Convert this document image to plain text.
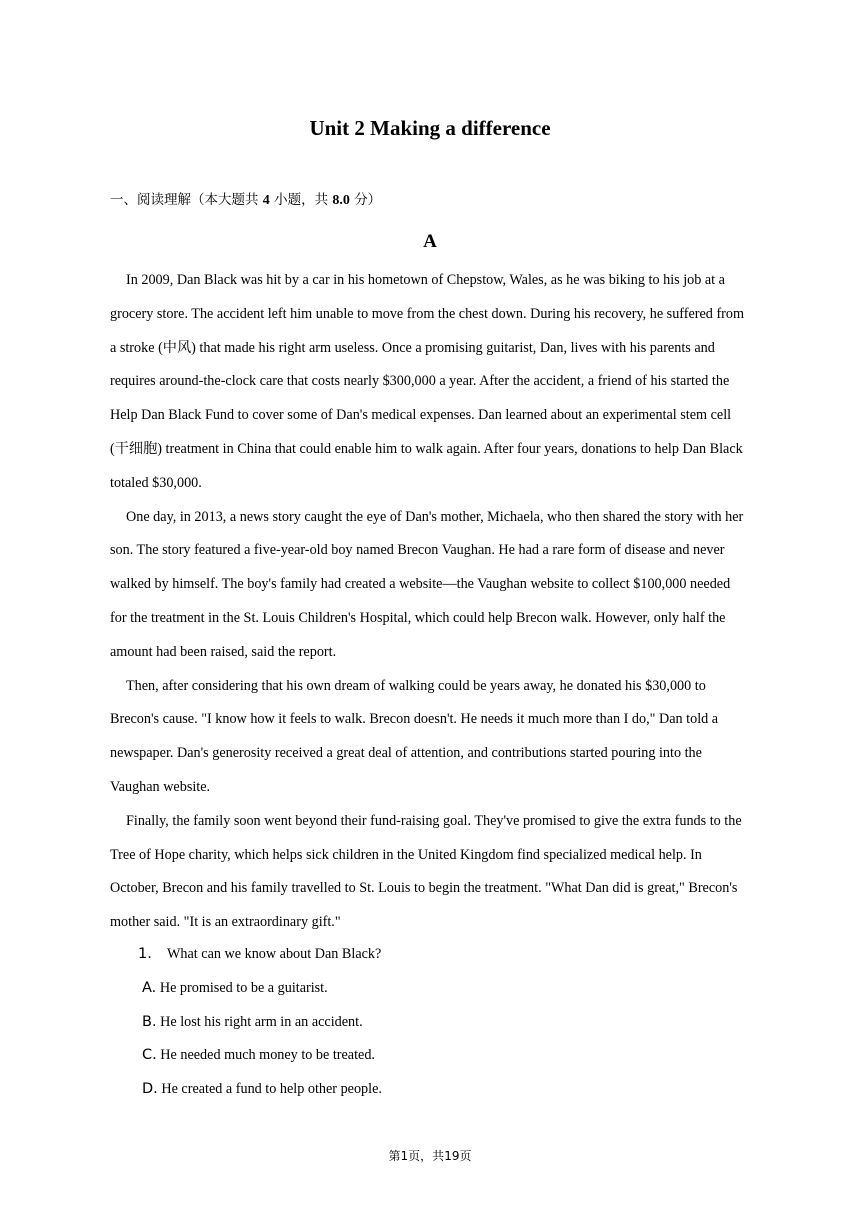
Unit 2 Making a difference
一、阅读理解（本大题共 4 小题，共 8.0 分）
A

In 2009, Dan Black was hit by a car in his hometown of Chepstow, Wales, as he was biking to his job at a grocery store. The accident left him unable to move from the chest down. During his recovery, he suffered from a stroke (中风) that made his right arm useless. Once a promising guitarist, Dan, lives with his parents and requires around-the-clock care that costs nearly $300,000 a year. After the accident, a friend of his started the Help Dan Black Fund to cover some of Dan's medical expenses. Dan learned about an experimental stem cell (干细胞) treatment in China that could enable him to walk again. After four years, donations to help Dan Black totaled $30,000.

One day, in 2013, a news story caught the eye of Dan's mother, Michaela, who then shared the story with her son. The story featured a five-year-old boy named Brecon Vaughan. He had a rare form of disease and never walked by himself. The boy's family had created a website—the Vaughan website to collect $100,000 needed for the treatment in the St. Louis Children's Hospital, which could help Brecon walk. However, only half the amount had been raised, said the report.

Then, after considering that his own dream of walking could be years away, he donated his $30,000 to Brecon's cause. "I know how it feels to walk. Brecon doesn't. He needs it much more than I do," Dan told a newspaper. Dan's generosity received a great deal of attention, and contributions started pouring into the Vaughan website.

Finally, the family soon went beyond their fund-raising goal. They've promised to give the extra funds to the Tree of Hope charity, which helps sick children in the United Kingdom find specialized medical help. In October, Brecon and his family travelled to St. Louis to begin the treatment. "What Dan did is great," Brecon's mother said. "It is an extraordinary gift."

1. What can we know about Dan Black?
A. He promised to be a guitarist.
B. He lost his right arm in an accident.
C. He needed much money to be treated.
D. He created a fund to help other people.
第1页，共19页
